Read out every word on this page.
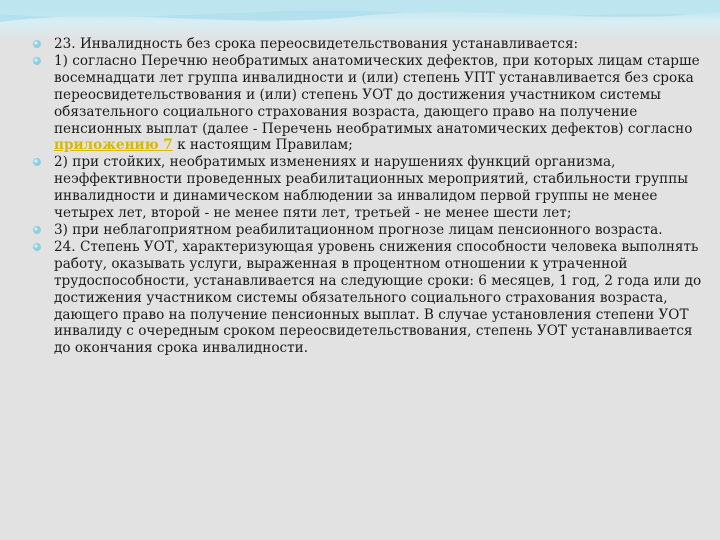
23. Инвалидность без срока переосвидетельствования устанавливается:
1) согласно Перечню необратимых анатомических дефектов, при которых лицам старше восемнадцати лет группа инвалидности и (или) степень УПТ устанавливается без срока переосвидетельствования и (или) степень УОТ до достижения участником системы обязательного социального страхования возраста, дающего право на получение пенсионных выплат (далее - Перечень необратимых анатомических дефектов) согласно приложению 7 к настоящим Правилам;
2) при стойких, необратимых изменениях и нарушениях функций организма, неэффективности проведенных реабилитационных мероприятий, стабильности группы инвалидности и динамическом наблюдении за инвалидом первой группы не менее четырех лет, второй - не менее пяти лет, третьей - не менее шести лет;
3) при неблагоприятном реабилитационном прогнозе лицам пенсионного возраста.
24. Степень УОТ, характеризующая уровень снижения способности человека выполнять работу, оказывать услуги, выраженная в процентном отношении к утраченной трудоспособности, устанавливается на следующие сроки: 6 месяцев, 1 год, 2 года или до достижения участником системы обязательного социального страхования возраста, дающего право на получение пенсионных выплат. В случае установления степени УОТ инвалиду с очередным сроком переосвидетельствования, степень УОТ устанавливается до окончания срока инвалидности.
